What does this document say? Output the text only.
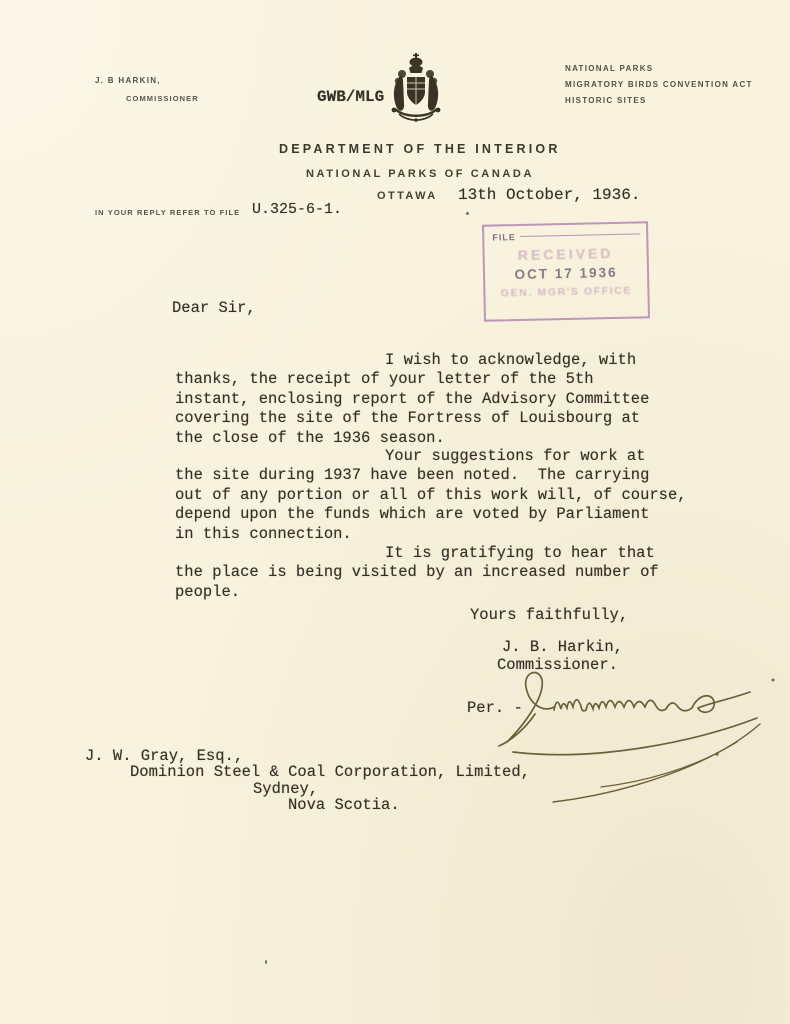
J. B HARKIN,
COMMISSIONER	GWB/MLG
NATIONAL PARKS
MIGRATORY BIRDS CONVENTION ACT
HISTORIC SITES
DEPARTMENT OF THE INTERIOR
NATIONAL PARKS OF CANADA
OTTAWA 13th October, 1936.
IN YOUR REPLY REFER TO FILE U.325-6-1.
FILE
RECEIVED
OCT 17 1936
GEN. MGR'S OFFICE
Dear Sir,
I wish to acknowledge, with
thanks, the receipt of your letter of the 5th
instant, enclosing report of the Advisory Committee
covering the site of the Fortress of Louisbourg at
the close of the 1936 season.
Your suggestions for work at
the site during 1937 have been noted.  The carrying
out of any portion or all of this work will, of course,
depend upon the funds which are voted by Parliament
in this connection.
It is gratifying to hear that
the place is being visited by an increased number of
people.
Yours faithfully,
J. B. Harkin,
Commissioner.
Per. -
J. W. Gray, Esq.,
Dominion Steel & Coal Corporation, Limited,
Sydney,
Nova Scotia.
